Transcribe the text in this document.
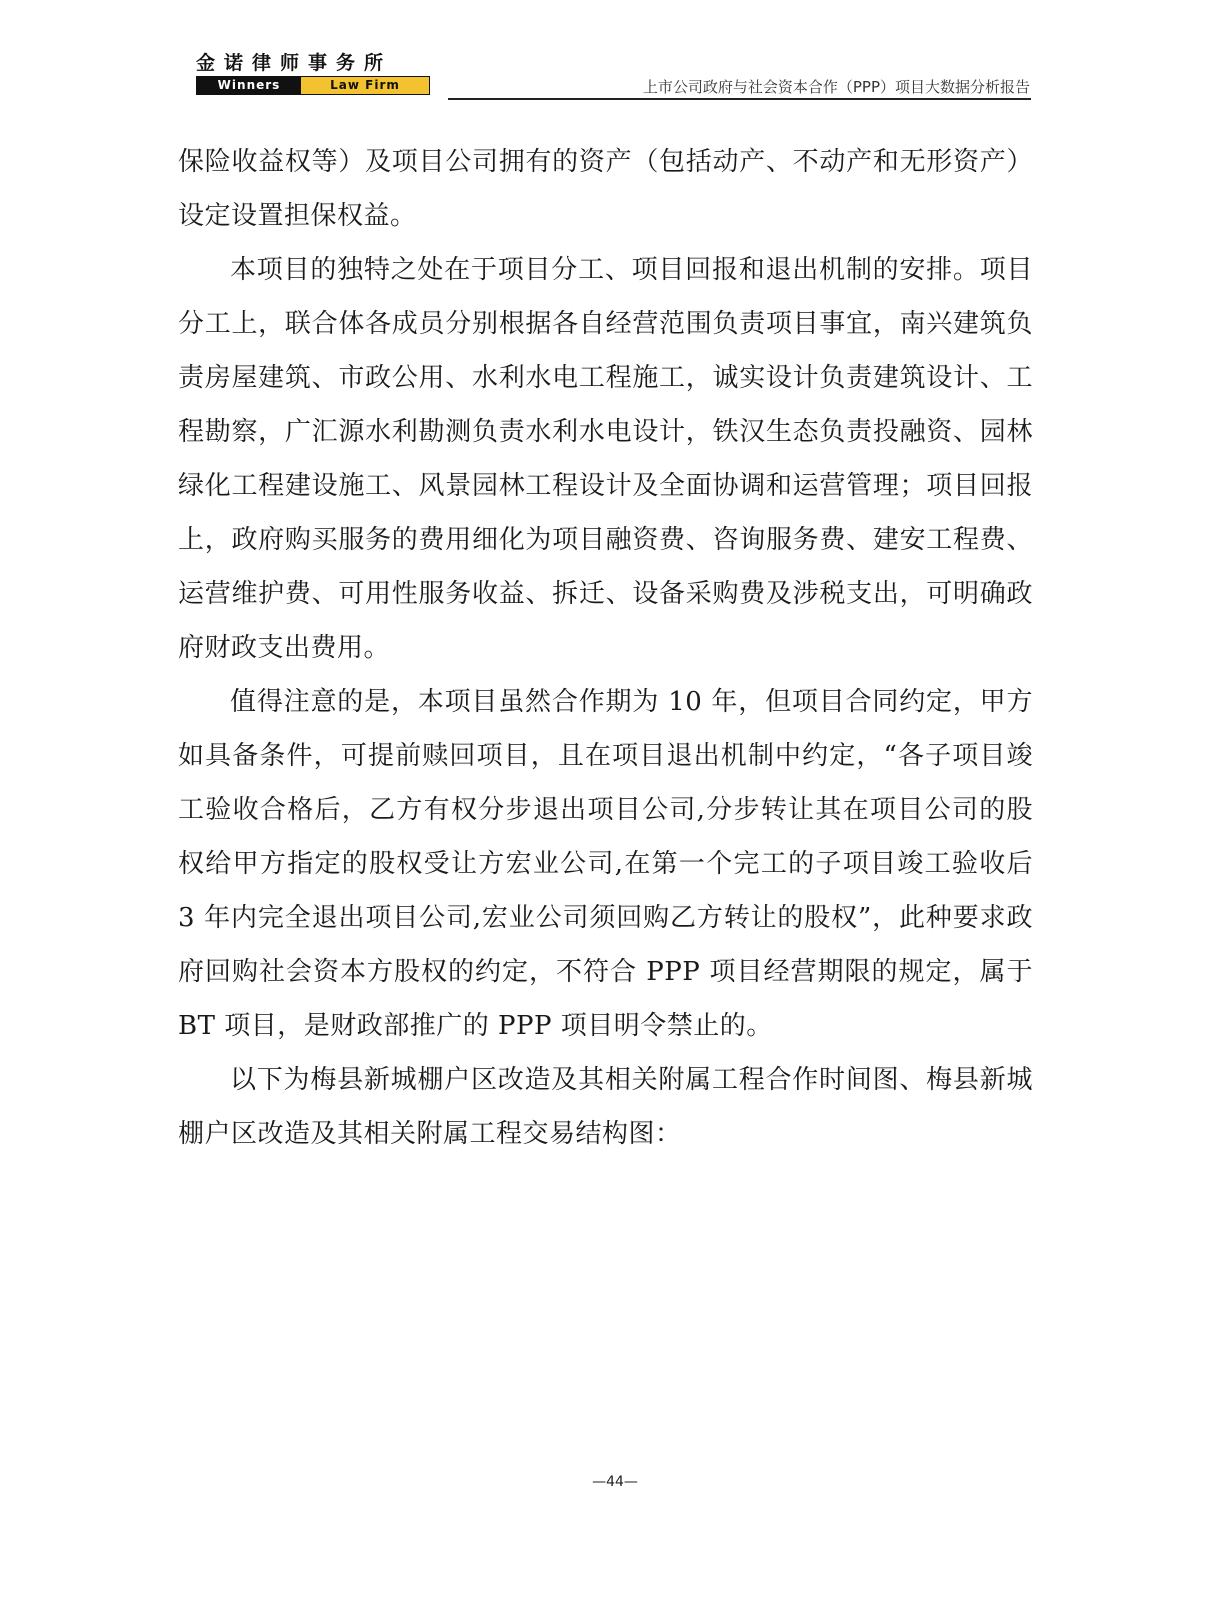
金诺律师事务所
Winners	Law Firm	上市公司政府与社会资本合作（PPP）项目大数据分析报告

保险收益权等）及项目公司拥有的资产（包括动产、不动产和无形资产）设定设置担保权益。

本项目的独特之处在于项目分工、项目回报和退出机制的安排。项目分工上，联合体各成员分别根据各自经营范围负责项目事宜，南兴建筑负责房屋建筑、市政公用、水利水电工程施工，诚实设计负责建筑设计、工程勘察，广汇源水利勘测负责水利水电设计，铁汉生态负责投融资、园林绿化工程建设施工、风景园林工程设计及全面协调和运营管理；项目回报上，政府购买服务的费用细化为项目融资费、咨询服务费、建安工程费、运营维护费、可用性服务收益、拆迁、设备采购费及涉税支出，可明确政府财政支出费用。

值得注意的是，本项目虽然合作期为 10 年，但项目合同约定，甲方如具备条件，可提前赎回项目，且在项目退出机制中约定，“各子项目竣工验收合格后，乙方有权分步退出项目公司,分步转让其在项目公司的股权给甲方指定的股权受让方宏业公司,在第一个完工的子项目竣工验收后 3 年内完全退出项目公司,宏业公司须回购乙方转让的股权”，此种要求政府回购社会资本方股权的约定，不符合 PPP 项目经营期限的规定，属于 BT 项目，是财政部推广的 PPP 项目明令禁止的。

以下为梅县新城棚户区改造及其相关附属工程合作时间图、梅县新城棚户区改造及其相关附属工程交易结构图：

—44—
